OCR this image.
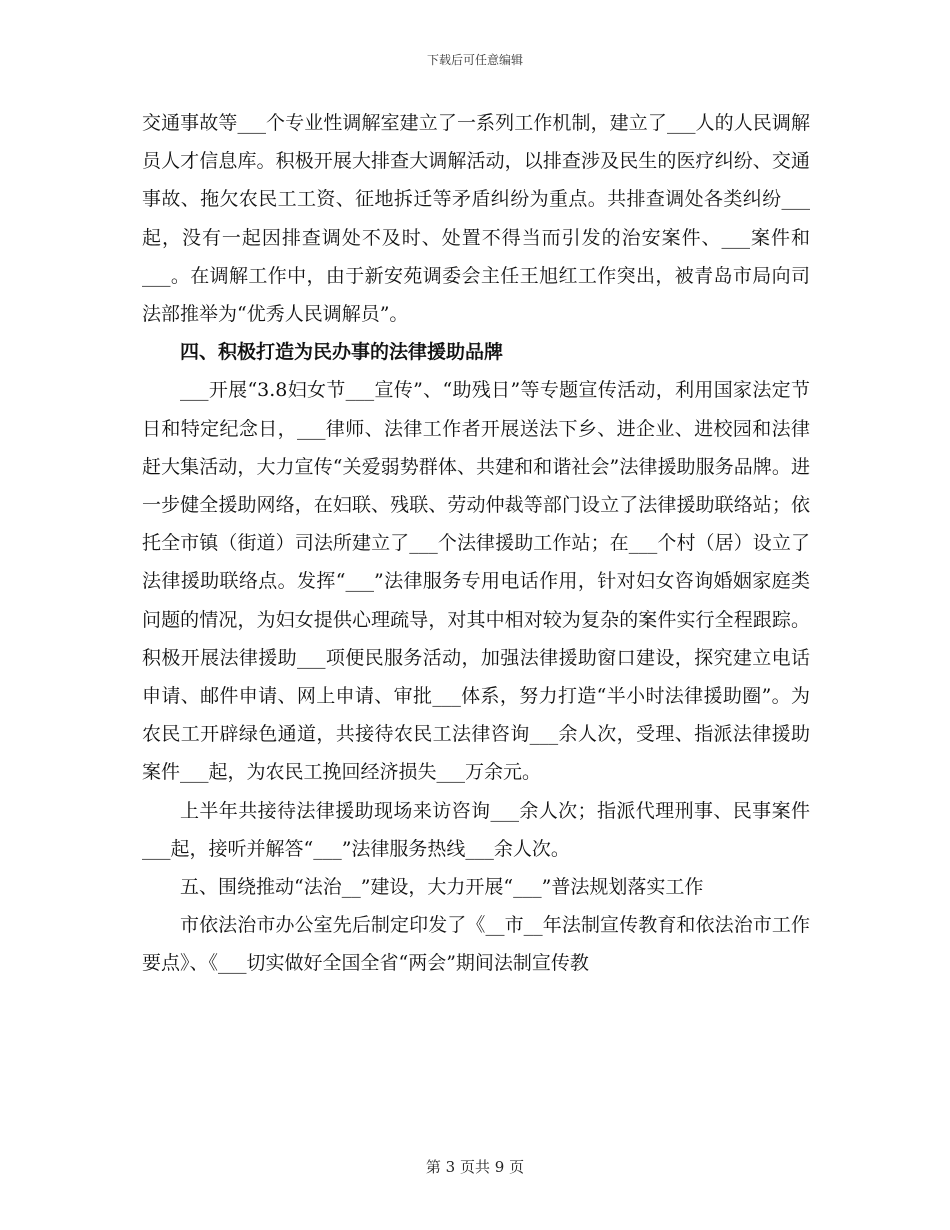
下载后可任意编辑

交通事故等___个专业性调解室建立了一系列工作机制，建立了___人的人民调解员人才信息库。积极开展大排查大调解活动，以排查涉及民生的医疗纠纷、交通事故、拖欠农民工工资、征地拆迁等矛盾纠纷为重点。共排查调处各类纠纷___起，没有一起因排查调处不及时、处置不得当而引发的治安案件、___案件和___。在调解工作中，由于新安苑调委会主任王旭红工作突出，被青岛市局向司法部推举为“优秀人民调解员”。

四、积极打造为民办事的法律援助品牌

___开展“3.8妇女节___宣传”、“助残日”等专题宣传活动，利用国家法定节日和特定纪念日，___律师、法律工作者开展送法下乡、进企业、进校园和法律赶大集活动，大力宣传“关爱弱势群体、共建和和谐社会”法律援助服务品牌。进一步健全援助网络，在妇联、残联、劳动仲裁等部门设立了法律援助联络站；依托全市镇（街道）司法所建立了___个法律援助工作站；在___个村（居）设立了法律援助联络点。发挥“___”法律服务专用电话作用，针对妇女咨询婚姻家庭类问题的情况，为妇女提供心理疏导，对其中相对较为复杂的案件实行全程跟踪。积极开展法律援助___项便民服务活动，加强法律援助窗口建设，探究建立电话申请、邮件申请、网上申请、审批___体系，努力打造“半小时法律援助圈”。为农民工开辟绿色通道，共接待农民工法律咨询___余人次，受理、指派法律援助案件___起，为农民工挽回经济损失___万余元。

上半年共接待法律援助现场来访咨询___余人次；指派代理刑事、民事案件___起，接听并解答“___”法律服务热线___余人次。

五、围绕推动“法治__”建设，大力开展“___”普法规划落实工作

市依法治市办公室先后制定印发了《__市__年法制宣传教育和依法治市工作要点》、《___切实做好全国全省“两会”期间法制宣传教

第 3 页共 9 页
